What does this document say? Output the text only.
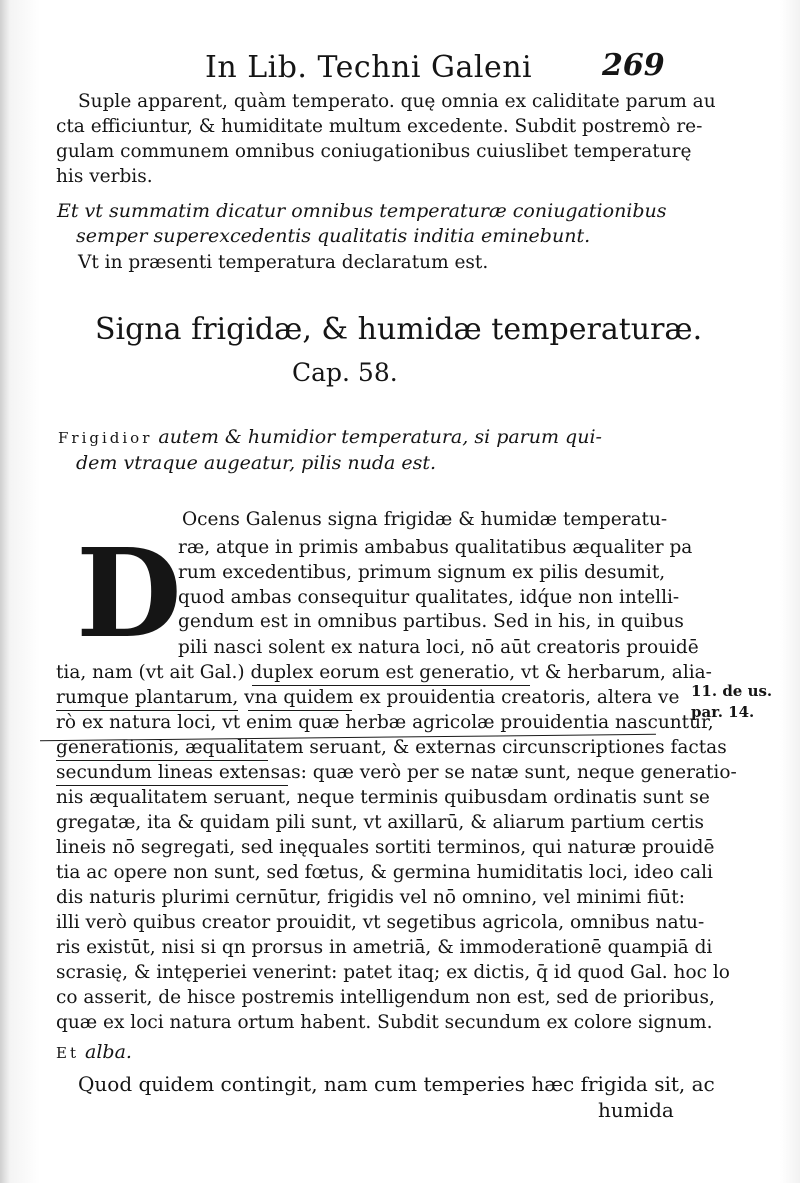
In Lib. Techni Galeni 269
Suple apparent, quàm temperato. quę omnia ex caliditate parum au
cta efficiuntur, & humiditate multum excedente. Subdit postremò re-
gulam communem omnibus coniugationibus cuiuslibet temperaturę
his verbis.
Et vt summatim dicatur omnibus temperaturæ coniugationibus
semper superexcedentis qualitatis inditia eminebunt.
Vt in præsenti temperatura declaratum est.
Signa frigidæ, & humidæ temperaturæ.
Cap. 58.
Frigidior autem & humidior temperatura, si parum qui-
dem vtraque augeatur, pilis nuda est.
D
Ocens Galenus signa frigidæ & humidæ temperatu-
ræ, atque in primis ambabus qualitatibus æqualiter pa
rum excedentibus, primum signum ex pilis desumit,
quod ambas consequitur qualitates, idq́ue non intelli-
gendum est in omnibus partibus. Sed in his, in quibus
pili nasci solent ex natura loci, nō aūt creatoris prouidē
tia, nam (vt ait Gal.) duplex eorum est generatio, vt & herbarum, alia-
rumque plantarum, vna quidem ex prouidentia creatoris, altera ve
rò ex natura loci, vt enim quæ herbæ agricolæ prouidentia nascuntur,
generationis, æqualitatem seruant, & externas circunscriptiones factas
secundum lineas extensas: quæ verò per se natæ sunt, neque generatio-
nis æqualitatem seruant, neque terminis quibusdam ordinatis sunt se
gregatæ, ita & quidam pili sunt, vt axillarū, & aliarum partium certis
lineis nō segregati, sed inęquales sortiti terminos, qui naturæ prouidē
tia ac opere non sunt, sed fœtus, & germina humiditatis loci, ideo cali
dis naturis plurimi cernūtur, frigidis vel nō omnino, vel minimi fiūt:
illi verò quibus creator prouidit, vt segetibus agricola, omnibus natu-
ris existūt, nisi si qn prorsus in ametriā, & immoderationē quampiā di
scrasię, & intęperiei venerint: patet itaq; ex dictis, q̄ id quod Gal. hoc lo
co asserit, de hisce postremis intelligendum non est, sed de prioribus,
quæ ex loci natura ortum habent. Subdit secundum ex colore signum.
Et alba.
Quod quidem contingit, nam cum temperies hæc frigida sit, ac
humida
11. de us.
par. 14.
